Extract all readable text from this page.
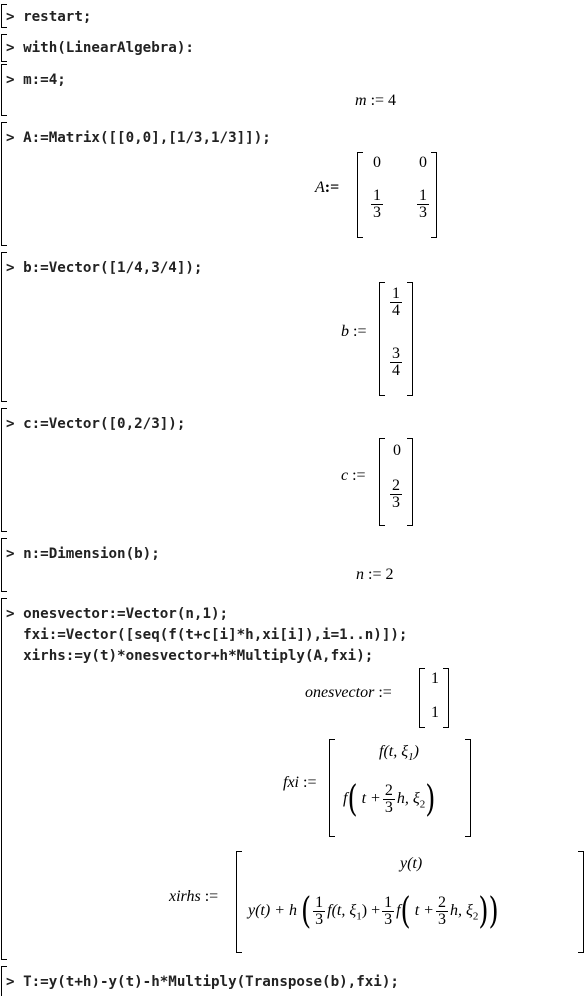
> restart;
> with(LinearAlgebra):
> m:=4;
m := 4
> A:=Matrix([[0,0],[1/3,1/3]]);
A:=
0 0
$\frac{1}{3} \frac{1}{3}$
> b:=Vector([1/4,3/4]);
b :=
$\frac{1}{4}$
$\frac{3}{4}$
> c:=Vector([0,2/3]);
c :=
0
$\frac{2}{3}$
> n:=Dimension(b);
n := 2
> onesvector:=Vector(n,1);
fxi:=Vector([seq(f(t+c[i]*h,xi[i]),i=1..n)]);
xirhs:=y(t)*onesvector+h*Multiply(A,fxi);
onesvector :=
1
1
fxi :=
f(t, $\xi_1$)
f( $t + \frac{2}{3} h$, $\xi_2$)
xirhs :=
y(t)
y(t) + h ( $\frac{1}{3} f(t$, $\xi_1) + \frac{1}{3} f$( $t + \frac{2}{3} h$, $\xi_2$))
> T:=y(t+h)-y(t)-h*Multiply(Transpose(b),fxi);
